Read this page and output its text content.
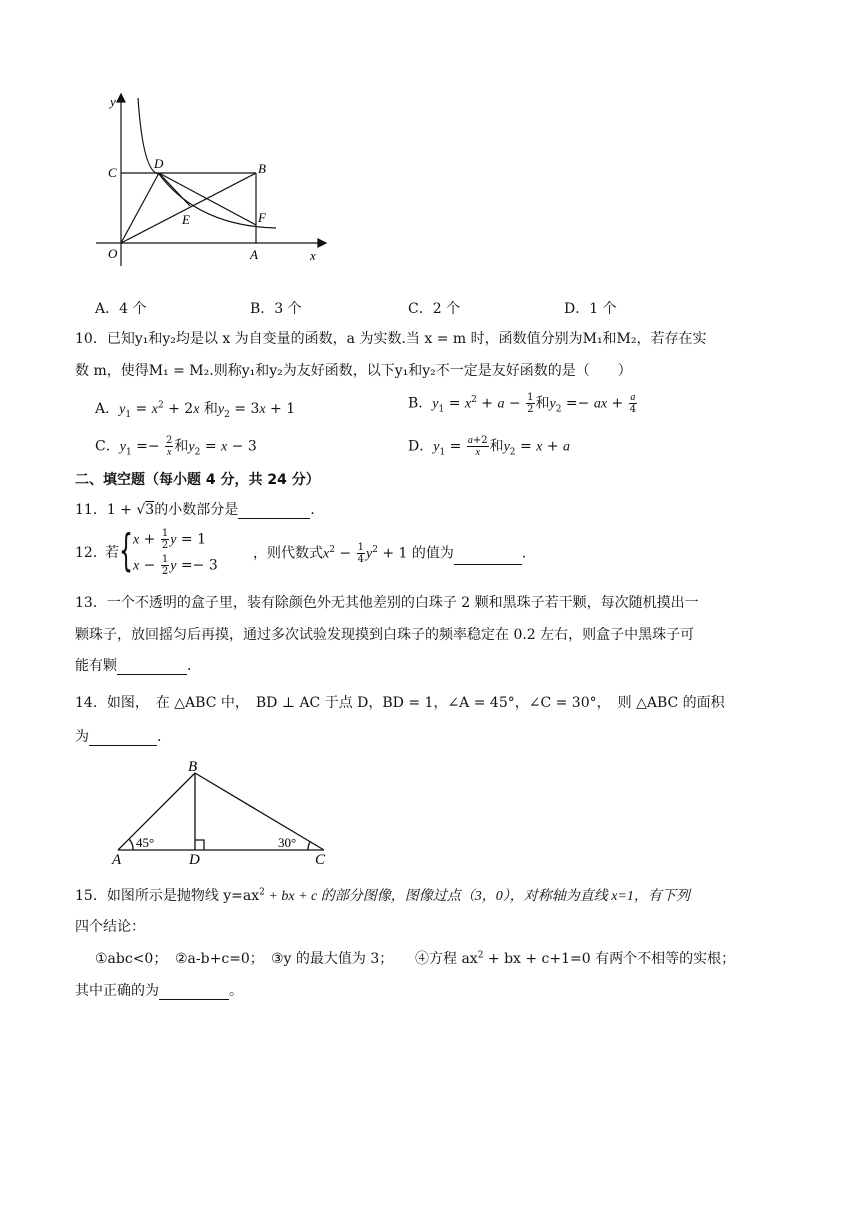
y
x
O	A
B
C
D
E	F
A．4 个	B．3 个	C．2 个	D．1 个
10．已知y₁和y₂均是以 x 为自变量的函数，a 为实数.当 x = m 时，函数值分别为M₁和M₂，若存在实
数 m，使得M₁ = M₂.则称y₁和y₂为友好函数，以下y₁和y₂不一定是友好函数的是（　　）
A．$y_1 = x^2 + 2x$ 和$y_2 = 3x + 1$	B．$y_1 = x^2 + a - \frac{1}{2}$ 和$y_2$ =− ax + $\frac{a}{4}$
C．$y_1 =- \frac{2}{x}$ 和$y_2 = x - 3$	D．$y_1 = \frac{a+2}{x}$ 和$y_2 = x + a$
二、填空题（每小题 4 分，共 24 分）
11．1 + √3的小数部分是	.
12．
若 { $x + \frac{1}{2}$ y = 1
$x - \frac{1}{2}$ y =− 3
，则代数式$x^2 - \frac{1}{4} y^2 + 1$ 的值为	.
13．一个不透明的盒子里，装有除颜色外无其他差别的白珠子 2 颗和黑珠子若干颗，每次随机摸出一
颗珠子，放回摇匀后再摸，通过多次试验发现摸到白珠子的频率稳定在 0.2 左右，则盒子中黑珠子可
能有颗	.
14．如图，　在 △ABC 中，　BD ⊥ AC 于点 D，BD = 1，∠A = 45°，∠C = 30°，　则 △ABC 的面积
为	.
B
A	D	C
45°	30°
15．如图所示是抛物线 $y=ax^2$ + bx + c 的部分图像，图像过点（3，0），对称轴为直线 x=1，有下列
四个结论：
①abc<0； ②a-b+c=0； ③y 的最大值为 3； ④方程 $ax^2$ + bx + c+1=0 有两个不相等的实根；
其中正确的为	。
